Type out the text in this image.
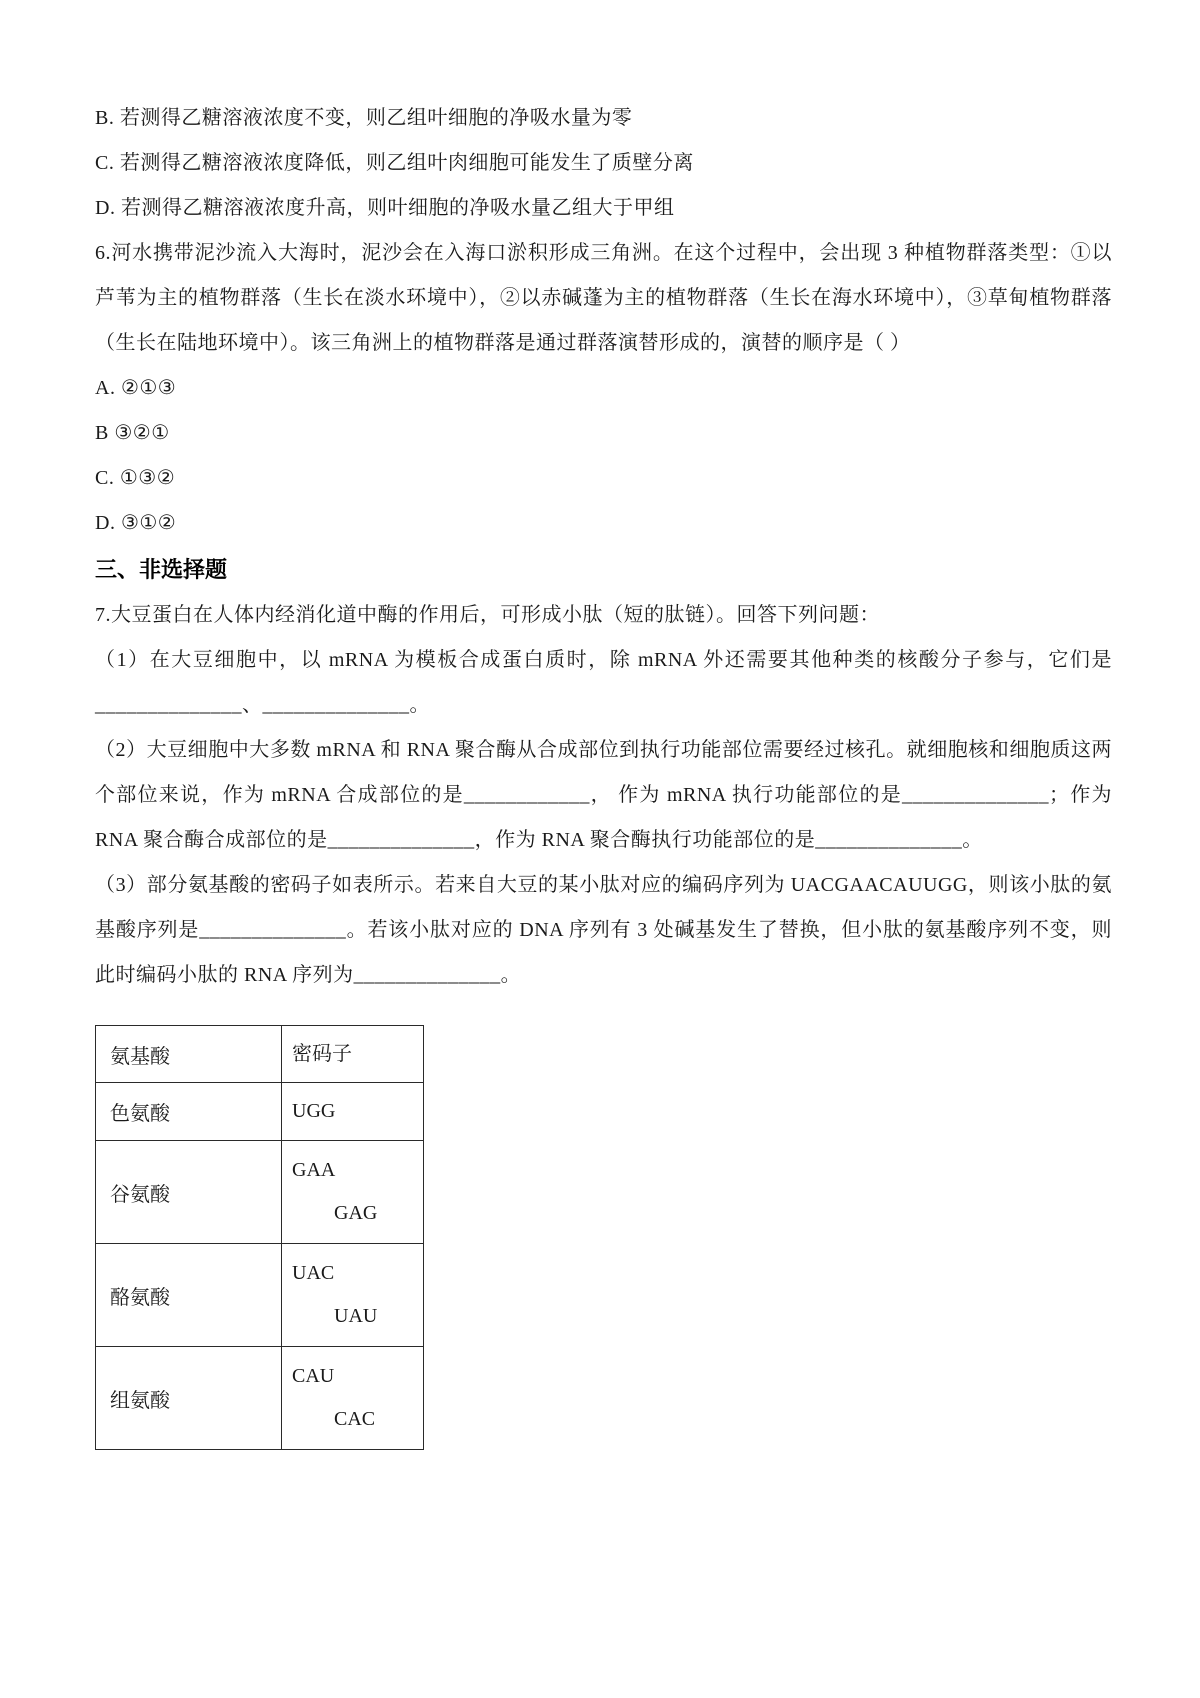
B. 若测得乙糖溶液浓度不变，则乙组叶细胞的净吸水量为零

C. 若测得乙糖溶液浓度降低，则乙组叶肉细胞可能发生了质壁分离

D. 若测得乙糖溶液浓度升高，则叶细胞的净吸水量乙组大于甲组

6.河水携带泥沙流入大海时，泥沙会在入海口淤积形成三角洲。在这个过程中，会出现 3 种植物群落类型：①以芦苇为主的植物群落（生长在淡水环境中），②以赤碱蓬为主的植物群落（生长在海水环境中），③草甸植物群落（生长在陆地环境中）。该三角洲上的植物群落是通过群落演替形成的，演替的顺序是（ ）

A. ②①③

B ③②①

C. ①③②

D. ③①②

三、非选择题

7.大豆蛋白在人体内经消化道中酶的作用后，可形成小肽（短的肽链）。回答下列问题：

（1）在大豆细胞中，以 mRNA 为模板合成蛋白质时，除 mRNA 外还需要其他种类的核酸分子参与，它们是______________、______________。

（2）大豆细胞中大多数 mRNA 和 RNA 聚合酶从合成部位到执行功能部位需要经过核孔。就细胞核和细胞质这两个部位来说，作为 mRNA 合成部位的是____________， 作为 mRNA 执行功能部位的是______________；作为 RNA 聚合酶合成部位的是______________，作为 RNA 聚合酶执行功能部位的是______________。

（3）部分氨基酸的密码子如表所示。若来自大豆的某小肽对应的编码序列为 UACGAACAUUGG，则该小肽的氨基酸序列是______________。若该小肽对应的 DNA 序列有 3 处碱基发生了替换，但小肽的氨基酸序列不变，则此时编码小肽的 RNA 序列为______________。

氨基酸	密码子

色氨酸	UGG

谷氨酸	GAA
GAG

酪氨酸	UAC
UAU

组氨酸	CAU
CAC
